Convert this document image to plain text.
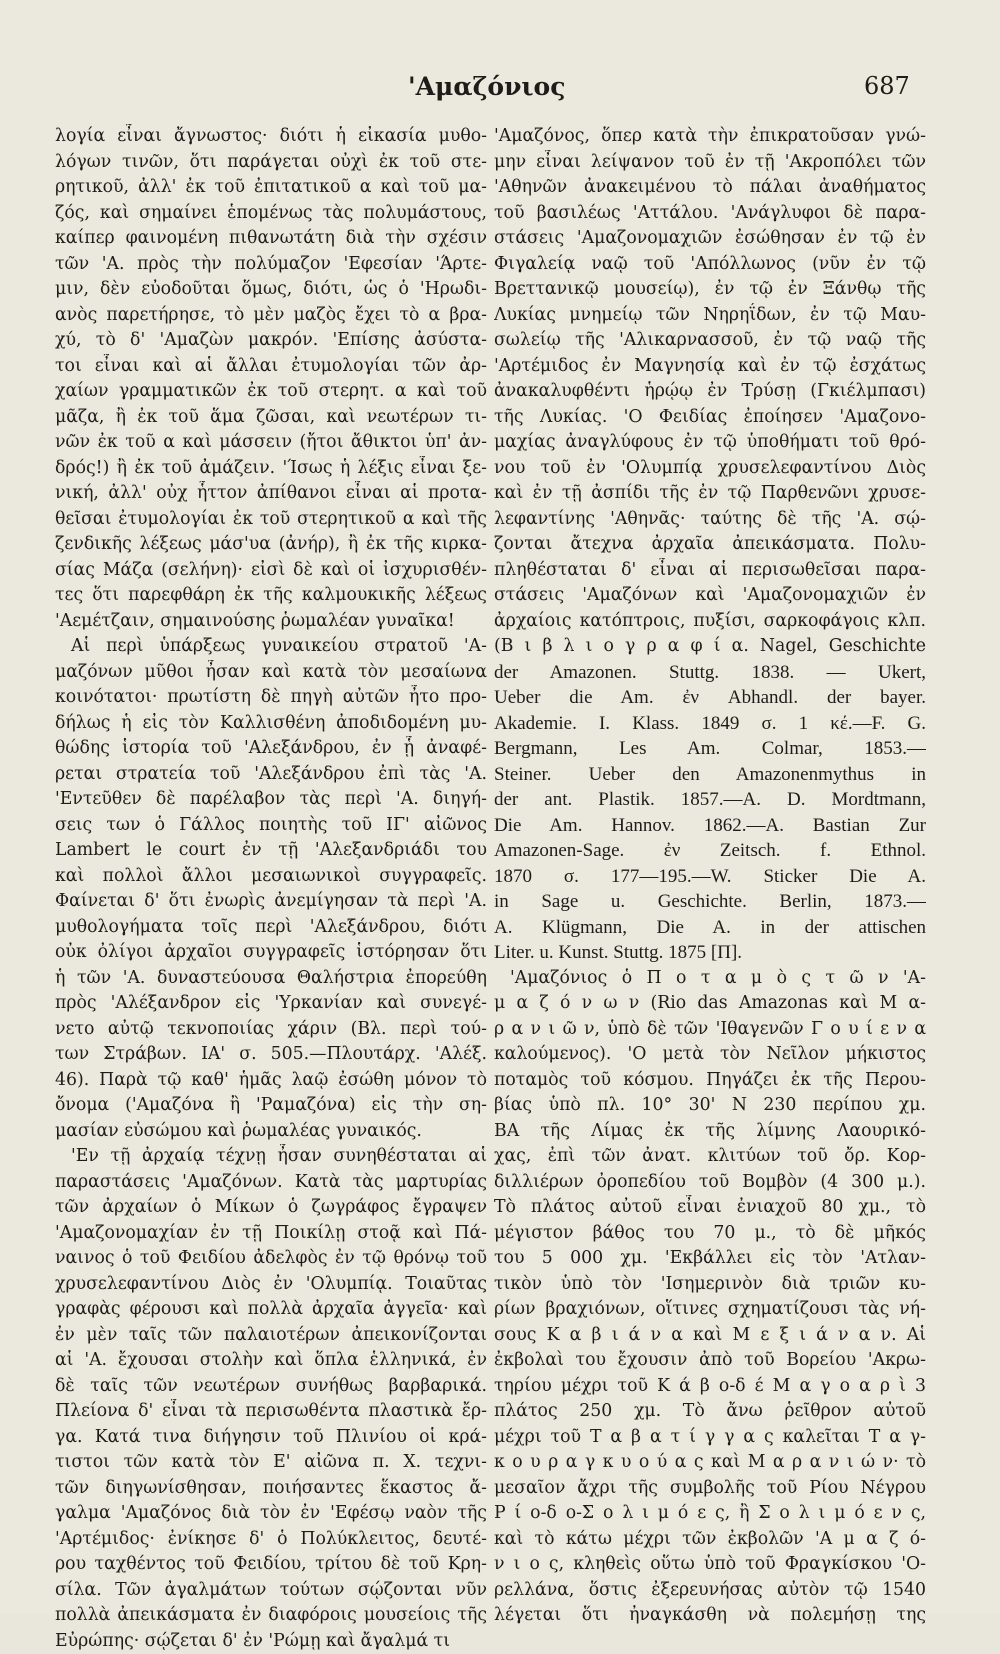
'Αμαζόνιος	687
λογία εἶναι ἄγνωστος· διότι ἡ εἰκασία μυθο-
λόγων τινῶν, ὅτι παράγεται οὐχὶ ἐκ τοῦ στε-
ρητικοῦ, ἀλλ' ἐκ τοῦ ἐπιτατικοῦ α καὶ τοῦ μα-
ζός, καὶ σημαίνει ἑπομένως τὰς πολυμάστους,
καίπερ φαινομένη πιθανωτάτη διὰ τὴν σχέσιν
τῶν 'Α. πρὸς τὴν πολύμαζον 'Εφεσίαν 'Άρτε-
μιν, δὲν εὐοδοῦται ὅμως, διότι, ὡς ὁ 'Ηρωδι-
ανὸς παρετήρησε, τὸ μὲν μαζὸς ἔχει τὸ α βρα-
χύ, τὸ δ' 'Αμαζὼν μακρόν. 'Επίσης ἀσύστα-
τοι εἶναι καὶ αἱ ἄλλαι ἐτυμολογίαι τῶν ἀρ-
χαίων γραμματικῶν ἐκ τοῦ στερητ. α καὶ τοῦ
μᾶζα, ἢ ἐκ τοῦ ἅμα ζῶσαι, καὶ νεωτέρων τι-
νῶν ἐκ τοῦ α καὶ μάσσειν (ἤτοι ἄθικτοι ὑπ' ἀν-
δρός!) ἢ ἐκ τοῦ ἀμάζειν. 'Ίσως ἡ λέξις εἶναι ξε-
νική, ἀλλ' οὐχ ἧττον ἀπίθανοι εἶναι αἱ προτα-
θεῖσαι ἐτυμολογίαι ἐκ τοῦ στερητικοῦ α καὶ τῆς
ζενδικῆς λέξεως μάσ'υα (ἀνήρ), ἢ ἐκ τῆς κιρκα-
σίας Μάζα (σελήνη)· εἰσὶ δὲ καὶ οἱ ἰσχυρισθέν-
τες ὅτι παρεφθάρη ἐκ τῆς καλμουκικῆς λέξεως
'Αεμέτζαιν, σημαινούσης ῥωμαλέαν γυναῖκα!
Αἱ περὶ ὑπάρξεως γυναικείου στρατοῦ 'Α-
μαζόνων μῦθοι ἦσαν καὶ κατὰ τὸν μεσαίωνα
κοινότατοι· πρωτίστη δὲ πηγὴ αὐτῶν ἦτο προ-
δήλως ἡ εἰς τὸν Καλλισθένη ἀποδιδομένη μυ-
θώδης ἱστορία τοῦ 'Αλεξάνδρου, ἐν ᾗ ἀναφέ-
ρεται στρατεία τοῦ 'Αλεξάνδρου ἐπὶ τὰς 'Α.
'Εντεῦθεν δὲ παρέλαβον τὰς περὶ 'Α. διηγή-
σεις των ὁ Γάλλος ποιητὴς τοῦ ΙΓ' αἰῶνος
Lambert le court ἐν τῇ 'Αλεξανδριάδι του
καὶ πολλοὶ ἄλλοι μεσαιωνικοὶ συγγραφεῖς.
Φαίνεται δ' ὅτι ἐνωρὶς ἀνεμίγησαν τὰ περὶ 'Α.
μυθολογήματα τοῖς περὶ 'Αλεξάνδρου, διότι
οὐκ ὀλίγοι ἀρχαῖοι συγγραφεῖς ἱστόρησαν ὅτι
ἡ τῶν 'Α. δυναστεύουσα Θαλήστρια ἐπορεύθη
πρὸς 'Αλέξανδρον εἰς 'Υρκανίαν καὶ συνεγέ-
νετο αὐτῷ τεκνοποιίας χάριν (Βλ. περὶ τού-
των Στράβων. ΙΑ' σ. 505.—Πλουτάρχ. 'Αλέξ.
46). Παρὰ τῷ καθ' ἡμᾶς λαῷ ἐσώθη μόνον τὸ
ὄνομα ('Αμαζόνα ἢ 'Ραμαζόνα) εἰς τὴν ση-
μασίαν εὐσώμου καὶ ῥωμαλέας γυναικός.
'Εν τῇ ἀρχαίᾳ τέχνῃ ἦσαν συνηθέσταται αἱ
παραστάσεις 'Αμαζόνων. Κατὰ τὰς μαρτυρίας
τῶν ἀρχαίων ὁ Μίκων ὁ ζωγράφος ἔγραψεν
'Αμαζονομαχίαν ἐν τῇ Ποικίλῃ στοᾷ καὶ Πά-
ναινος ὁ τοῦ Φειδίου ἀδελφὸς ἐν τῷ θρόνῳ τοῦ
χρυσελεφαντίνου Διὸς ἐν 'Ολυμπίᾳ. Τοιαῦτας
γραφὰς φέρουσι καὶ πολλὰ ἀρχαῖα ἀγγεῖα· καὶ
ἐν μὲν ταῖς τῶν παλαιοτέρων ἀπεικονίζονται
αἱ 'Α. ἔχουσαι στολὴν καὶ ὅπλα ἑλληνικά, ἐν
δὲ ταῖς τῶν νεωτέρων συνήθως βαρβαρικά.
Πλείονα δ' εἶναι τὰ περισωθέντα πλαστικὰ ἔρ-
γα. Κατά τινα διήγησιν τοῦ Πλινίου οἱ κρά-
τιστοι τῶν κατὰ τὸν Ε' αἰῶνα π. Χ. τεχνι-
τῶν διηγωνίσθησαν, ποιήσαντες ἕκαστος ἄ-
γαλμα 'Αμαζόνος διὰ τὸν ἐν 'Εφέσῳ ναὸν τῆς
'Αρτέμιδος· ἐνίκησε δ' ὁ Πολύκλειτος, δευτέ-
ρου ταχθέντος τοῦ Φειδίου, τρίτου δὲ τοῦ Κρη-
σίλα. Τῶν ἀγαλμάτων τούτων σῴζονται νῦν
πολλὰ ἀπεικάσματα ἐν διαφόροις μουσείοις τῆς
Εὐρώπης· σῴζεται δ' ἐν 'Ρώμῃ καὶ ἄγαλμά τι
'Αμαζόνος, ὅπερ κατὰ τὴν ἐπικρατοῦσαν γνώ-
μην εἶναι λείψανον τοῦ ἐν τῇ 'Ακροπόλει τῶν
'Αθηνῶν ἀνακειμένου τὸ πάλαι ἀναθήματος
τοῦ βασιλέως 'Αττάλου. 'Ανάγλυφοι δὲ παρα-
στάσεις 'Αμαζονομαχιῶν ἐσώθησαν ἐν τῷ ἐν
Φιγαλείᾳ ναῷ τοῦ 'Απόλλωνος (νῦν ἐν τῷ
Βρεττανικῷ μουσείῳ), ἐν τῷ ἐν Ξάνθῳ τῆς
Λυκίας μνημείῳ τῶν Νηρηΐδων, ἐν τῷ Μαυ-
σωλείῳ τῆς 'Αλικαρνασσοῦ, ἐν τῷ ναῷ τῆς
'Αρτέμιδος ἐν Μαγνησίᾳ καὶ ἐν τῷ ἐσχάτως
ἀνακαλυφθέντι ἡρῴῳ ἐν Τρύσῃ (Γκιέλμπασι)
τῆς Λυκίας. 'Ο Φειδίας ἐποίησεν 'Αμαζονο-
μαχίας ἀναγλύφους ἐν τῷ ὑποθήματι τοῦ θρό-
νου τοῦ ἐν 'Ολυμπίᾳ χρυσελεφαντίνου Διὸς
καὶ ἐν τῇ ἀσπίδι τῆς ἐν τῷ Παρθενῶνι χρυσε-
λεφαντίνης 'Αθηνᾶς· ταύτης δὲ τῆς 'Α. σῴ-
ζονται ἄτεχνα ἀρχαῖα ἀπεικάσματα. Πολυ-
πληθέσταται δ' εἶναι αἱ περισωθεῖσαι παρα-
στάσεις 'Αμαζόνων καὶ 'Αμαζονομαχιῶν ἐν
ἀρχαίοις κατόπτροις, πυξίσι, σαρκοφάγοις κλπ.
(Β ι β λ ι ο γ ρ α φ ί α. Nagel, Geschichte
der Amazonen. Stuttg. 1838. — Ukert,
Ueber die Am. ἐν Abhandl. der bayer.
Akademie. I. Klass. 1849 σ. 1 κέ.—F. G.
Bergmann, Les Am. Colmar, 1853.—
Steiner. Ueber den Amazonenmythus in
der ant. Plastik. 1857.—A. D. Mordtmann,
Die Am. Hannov. 1862.—A. Bastian Zur
Amazonen-Sage. ἐν Zeitsch. f. Ethnol.
1870 σ. 177—195.—W. Sticker Die A.
in Sage u. Geschichte. Berlin, 1873.—
A. Klügmann, Die A. in der attischen
Liter. u. Kunst. Stuttg. 1875 [Π].
'Αμαζόνιος ὁ Π ο τ α μ ὸ ς τ ῶ ν 'Α-
μ α ζ ό ν ω ν (Rio das Amazonas καὶ Μ α-
ρ α ν ι ῶ ν, ὑπὸ δὲ τῶν 'Ιθαγενῶν Γ ο υ ί ε ν α
καλούμενος). 'Ο μετὰ τὸν Νεῖλον μήκιστος
ποταμὸς τοῦ κόσμου. Πηγάζει ἐκ τῆς Περου-
βίας ὑπὸ πλ. 10° 30' Ν 230 περίπου χμ.
ΒΑ τῆς Λίμας ἐκ τῆς λίμνης Λαουρικό-
χας, ἐπὶ τῶν ἀνατ. κλιτύων τοῦ ὄρ. Κορ-
διλλιέρων ὀροπεδίου τοῦ Βομβὸν (4 300 μ.).
Τὸ πλάτος αὐτοῦ εἶναι ἐνιαχοῦ 80 χμ., τὸ
μέγιστον βάθος του 70 μ., τὸ δὲ μῆκός
του 5 000 χμ. 'Εκβάλλει εἰς τὸν 'Ατλαν-
τικὸν ὑπὸ τὸν 'Ισημερινὸν διὰ τριῶν κυ-
ρίων βραχιόνων, οἵτινες σχηματίζουσι τὰς νή-
σους Κ α β ι ά ν α καὶ Μ ε ξ ι ά ν α ν. Αἱ
ἐκβολαὶ του ἔχουσιν ἀπὸ τοῦ Βορείου 'Ακρω-
τηρίου μέχρι τοῦ Κ ά β ο-δ έ Μ α γ ο α ρ ὶ 3
πλάτος 250 χμ. Τὸ ἄνω ῥεῖθρον αὐτοῦ
μέχρι τοῦ Τ α β α τ ί γ γ α ς καλεῖται Τ α γ-
κ ο υ ρ α γ κ υ ο ύ α ς καὶ Μ α ρ α ν ι ώ ν· τὸ
μεσαῖον ἄχρι τῆς συμβολῆς τοῦ Ρίου Νέγρου
Ρ ί ο-δ ο-Σ ο λ ι μ ό ε ς, ἢ Σ ο λ ι μ ό ε ν ς,
καὶ τὸ κάτω μέχρι τῶν ἐκβολῶν 'Α μ α ζ ό-
ν ι ο ς, κληθεὶς οὕτω ὑπὸ τοῦ Φραγκίσκου 'Ο-
ρελλάνα, ὅστις ἐξερευνήσας αὐτὸν τῷ 1540
λέγεται ὅτι ἠναγκάσθη νὰ πολεμήσῃ της
